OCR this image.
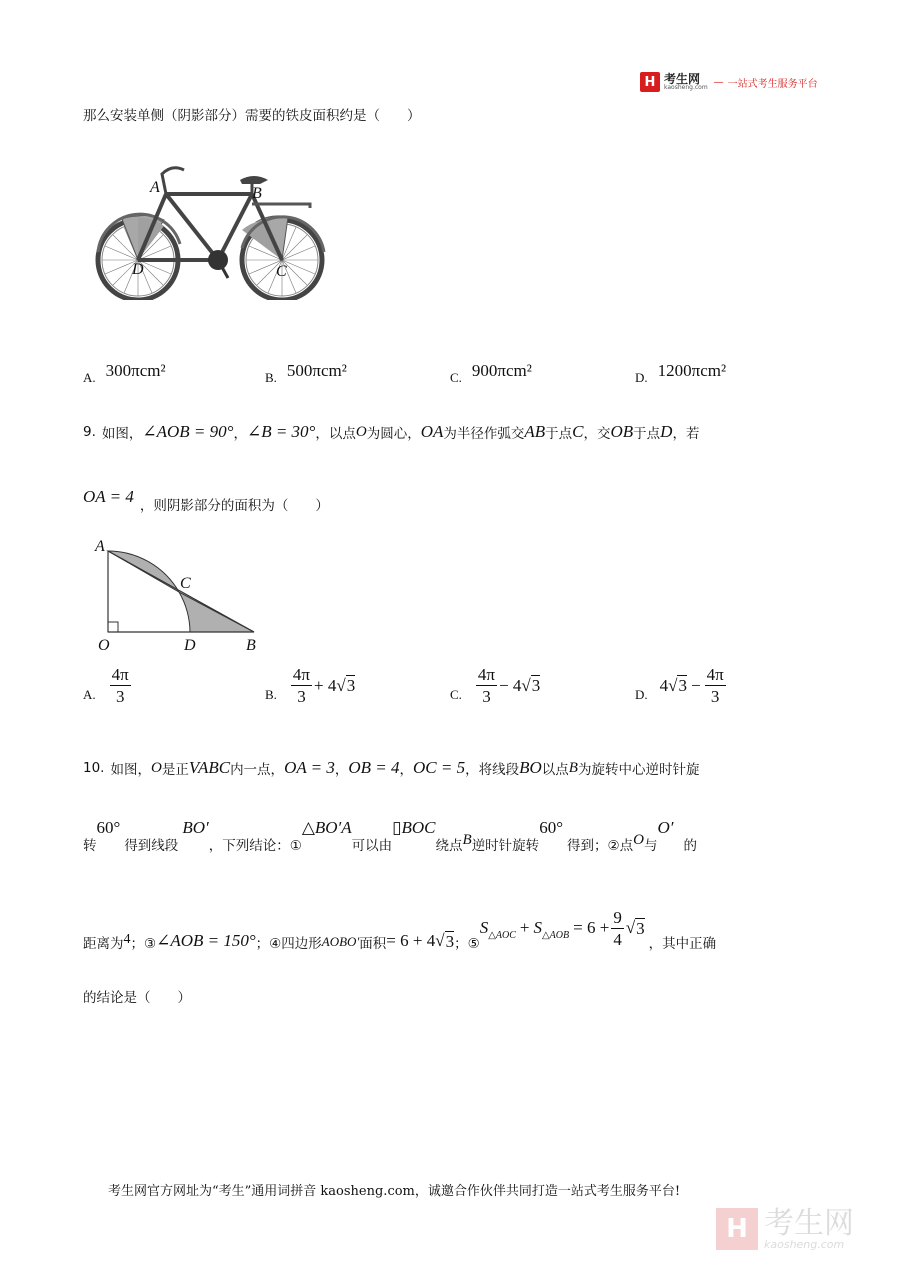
H 考生网
kaosheng.com — 一站式考生服务平台
那么安装单侧（阴影部分）需要的铁皮面积约是（　　）
A	B
D	C
A. 300πcm²	B. 500πcm²	C. 900πcm²	D. 1200πcm²
9. 如图， ∠AOB = 90° ， ∠B = 30° ，以点 O 为圆心， OA 为半径作弧交 AB 于点 C ，交 OB 于点 D ，若
OA = 4 ，则阴影部分的面积为（　　）
A
C
O	D	B
A. $\frac{4\pi}{3}$	B. $\frac{4\pi}{3} + 4$ √ 3	C. $\frac{4\pi}{3} - 4$ √ 3	D. 4 √ $3 - \frac{4\pi}{3}$
10. 如图， O 是正 VABC 内一点， OA = 3 ， OB = 4 ， OC = 5 ，将线段 BO 以点 B 为旋转中心逆时针旋
转
60°
得到线段
BO′
，下列结论：①
△BO′A
可以由
▯BOC
绕点 B 逆时针旋转
60°
得到；②点 O 与
O′
的
距离为 4 ；③ ∠AOB = 150° ；④四边形 AOBO′ 面积 = 6 + 4 √ 3 ；⑤
S △AOC + S △AOB = $6 + \frac{9}{4}$ √ 3
，其中正确
的结论是（　　）
考生网官方网址为“考生”通用词拼音 kaosheng.com，诚邀合作伙伴共同打造一站式考生服务平台!
H 考生网
kaosheng.com
